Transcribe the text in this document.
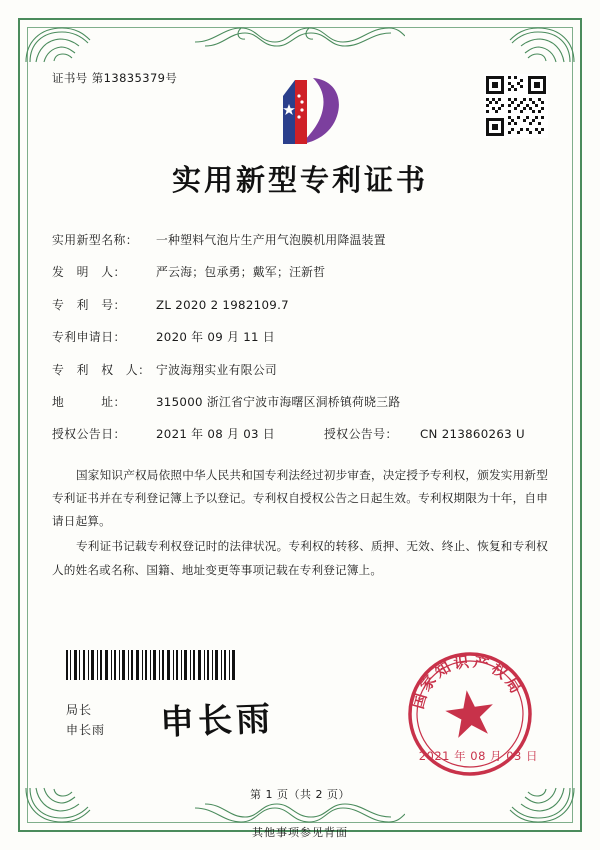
证书号 第13835379号
实用新型专利证书
实用新型名称：	一种塑料气泡片生产用气泡膜机用降温装置
发　明　人：	严云海；包承勇；戴军；汪新哲
专　利　号：	ZL 2020 2 1982109.7
专利申请日：	2020 年 09 月 11 日
专　利　权　人： 宁波海翔实业有限公司
地　　　址：	315000 浙江省宁波市海曙区洞桥镇荷晓三路
授权公告日：	2021 年 08 月 03 日	授权公告号：	CN 213860263 U
国家知识产权局依照中华人民共和国专利法经过初步审查，决定授予专利权，颁发实用新型专利证书并在专利登记簿上予以登记。专利权自授权公告之日起生效。专利权期限为十年，自申请日起算。
专利证书记载专利权登记时的法律状况。专利权的转移、质押、无效、终止、恢复和专利权人的姓名或名称、国籍、地址变更等事项记载在专利登记簿上。
局长
申长雨 申长雨	国家知识产权局
2021 年 08 月 03 日
第 1 页（共 2 页）
其他事项参见背面
